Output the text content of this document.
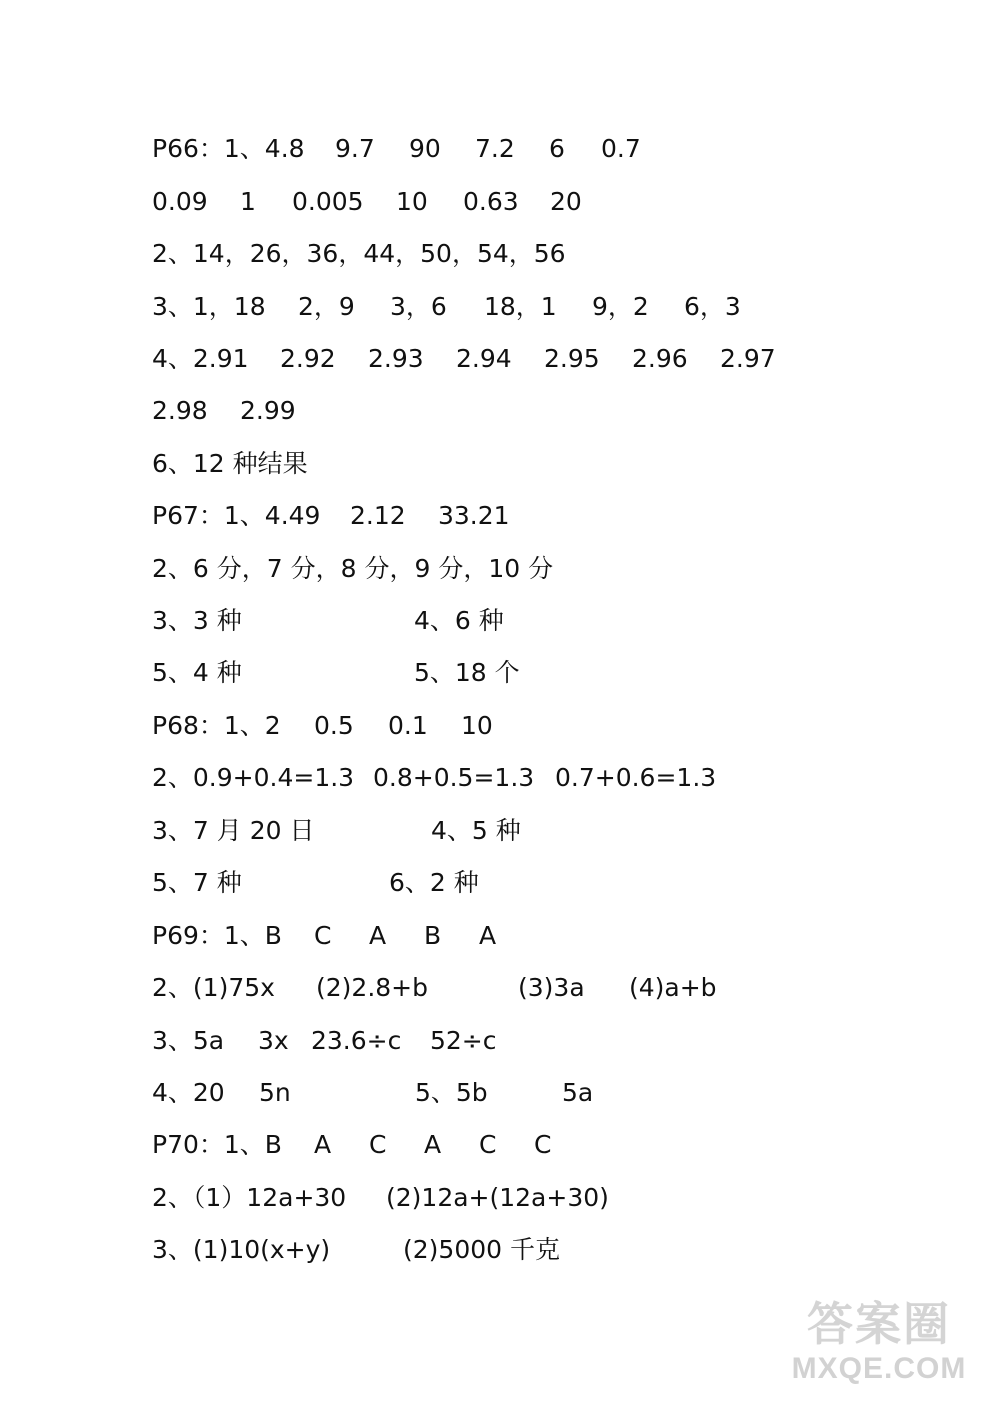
P66：1、4.8 9.7 90 7.2 6 0.7
0.09 1 0.005 10 0.63 20
2、14，26，36，44，50，54，56
3、1，18 2，9 3，6 18，1 9，2 6，3
4、2.91 2.92 2.93 2.94 2.95 2.96 2.97
2.98 2.99
6、12 种结果
P67：1、4.49 2.12 33.21
2、6 分，7 分，8 分，9 分，10 分
3、3 种	4、6 种
5、4 种	5、18 个
P68：1、2 0.5 0.1 10
2、0.9+0.4=1.3 0.8+0.5=1.3 0.7+0.6=1.3
3、7 月 20 日	4、5 种
5、7 种	6、2 种
P69：1、B C A B A
2、(1)75x (2)2.8+b	(3)3a (4)a+b
3、5a 3x 23.6÷c 52÷c
4、20 5n	5、5b	5a
P70：1、B A C A C C
2、（1）12a+30 (2)12a+(12a+30)
3、(1)10(x+y)	(2)5000 千克
答案圈
MXQE.COM
